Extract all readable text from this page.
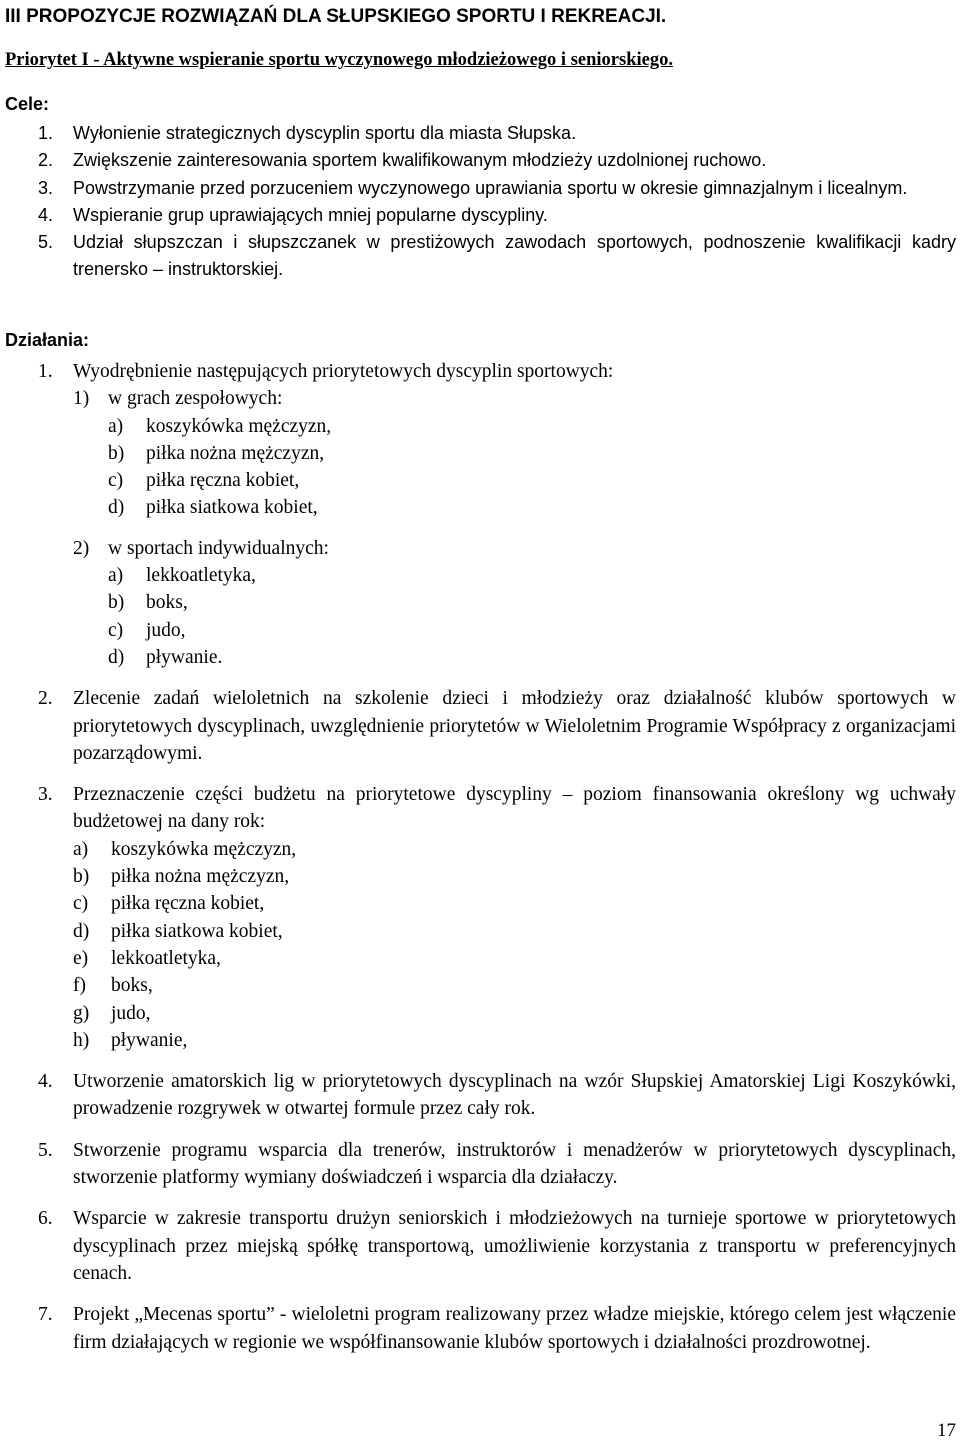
III PROPOZYCJE ROZWIĄZAŃ DLA SŁUPSKIEGO SPORTU I REKREACJI.
Priorytet I - Aktywne wspieranie sportu wyczynowego młodzieżowego i seniorskiego.
Cele:
1.	Wyłonienie strategicznych dyscyplin sportu dla miasta Słupska.
2.	Zwiększenie zainteresowania sportem kwalifikowanym młodzieży uzdolnionej ruchowo.
3.	Powstrzymanie przed porzuceniem wyczynowego uprawiania sportu w okresie gimnazjalnym i licealnym.
4.	Wspieranie grup uprawiających mniej popularne dyscypliny.
5.	Udział słupszczan i słupszczanek w prestiżowych zawodach sportowych, podnoszenie kwalifikacji kadry trenersko – instruktorskiej.
Działania:
1.	Wyodrębnienie następujących priorytetowych dyscyplin sportowych:
1) w grach zespołowych:
a)	koszykówka mężczyzn,
b)	piłka nożna mężczyzn,
c)	piłka ręczna kobiet,
d)	piłka siatkowa kobiet,
2) w sportach indywidualnych:
a)	lekkoatletyka,
b)	boks,
c)	judo,
d)	pływanie.
2.	Zlecenie zadań wieloletnich na szkolenie dzieci i młodzieży oraz działalność klubów sportowych w priorytetowych dyscyplinach, uwzględnienie priorytetów w Wieloletnim Programie Współpracy z organizacjami pozarządowymi.
3.	Przeznaczenie części budżetu na priorytetowe dyscypliny – poziom finansowania określony wg uchwały budżetowej na dany rok:
a)	koszykówka mężczyzn,
b)	piłka nożna mężczyzn,
c)	piłka ręczna kobiet,
d)	piłka siatkowa kobiet,
e)	lekkoatletyka,
f)	boks,
g)	judo,
h)	pływanie,
4.	Utworzenie amatorskich lig w priorytetowych dyscyplinach na wzór Słupskiej Amatorskiej Ligi Koszykówki, prowadzenie rozgrywek w otwartej formule przez cały rok.
5.	Stworzenie programu wsparcia dla trenerów, instruktorów i menadżerów w priorytetowych dyscyplinach, stworzenie platformy wymiany doświadczeń i wsparcia dla działaczy.
6.	Wsparcie w zakresie transportu drużyn seniorskich i młodzieżowych na turnieje sportowe w priorytetowych dyscyplinach przez miejską spółkę transportową, umożliwienie korzystania z transportu w preferencyjnych cenach.
7.	Projekt „Mecenas sportu” - wieloletni program realizowany przez władze miejskie, którego celem jest włączenie firm działających w regionie we współfinansowanie klubów sportowych i działalności prozdrowotnej.
17
